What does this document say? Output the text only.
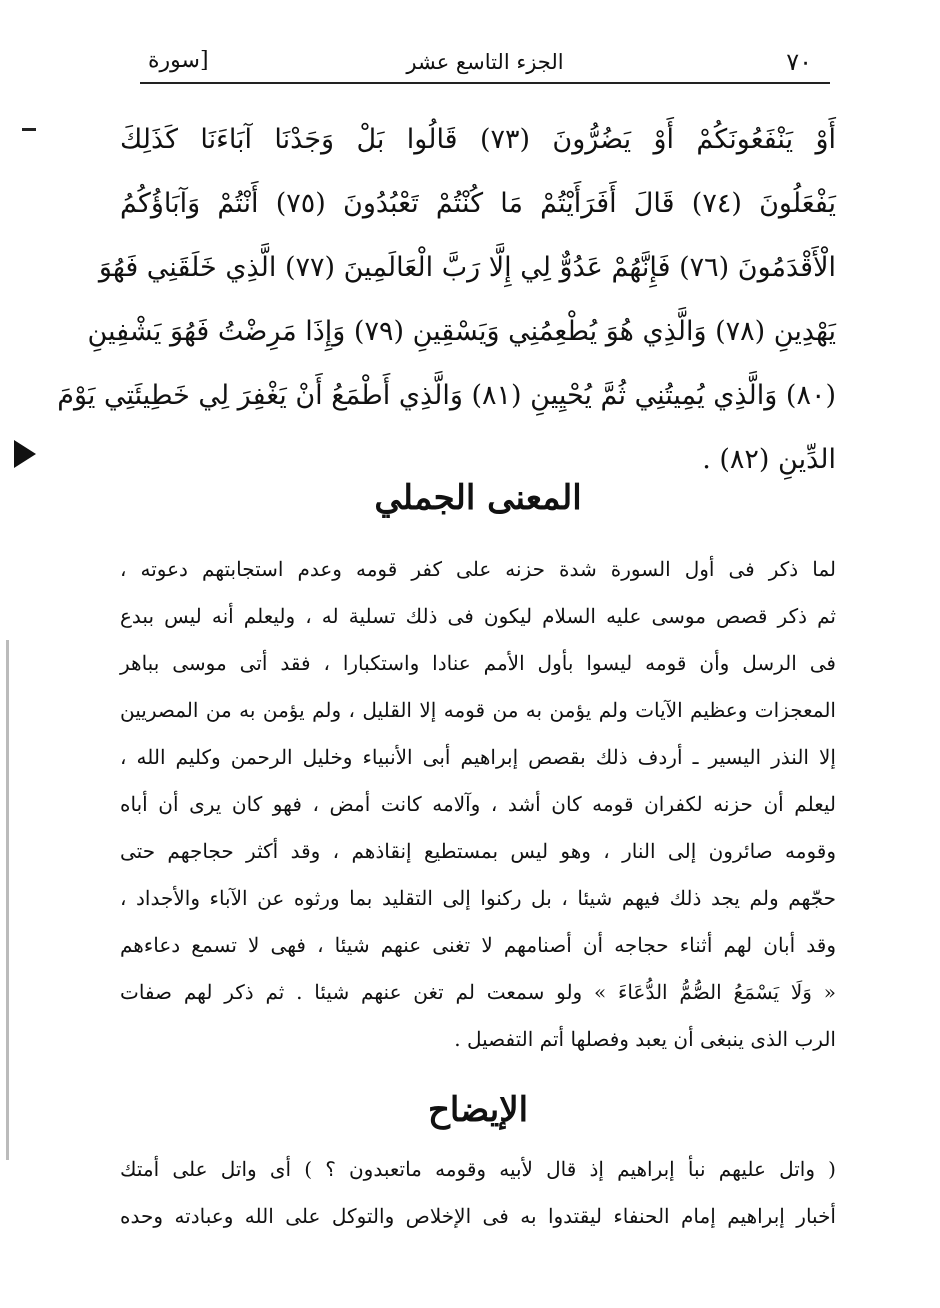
٧٠
الجزء التاسع عشر
[سورة
أَوْ يَنْفَعُونَكُمْ أَوْ يَضُرُّونَ (٧٣) قَالُوا بَلْ وَجَدْنَا آبَاءَنَا كَذَلِكَ
يَفْعَلُونَ (٧٤) قَالَ أَفَرَأَيْتُمْ مَا كُنْتُمْ تَعْبُدُونَ (٧٥) أَنْتُمْ وَآبَاؤُكُمُ
الْأَقْدَمُونَ (٧٦) فَإِنَّهُمْ عَدُوٌّ لِي إِلَّا رَبَّ الْعَالَمِينَ (٧٧) الَّذِي خَلَقَنِي فَهُوَ
يَهْدِينِ (٧٨) وَالَّذِي هُوَ يُطْعِمُنِي وَيَسْقِينِ (٧٩) وَإِذَا مَرِضْتُ فَهُوَ يَشْفِينِ
(٨٠) وَالَّذِي يُمِيتُنِي ثُمَّ يُحْيِينِ (٨١) وَالَّذِي أَطْمَعُ أَنْ يَغْفِرَ لِي خَطِيئَتِي يَوْمَ
الدِّينِ (٨٢) .
المعنى الجملي
لما ذكر فى أول السورة شدة حزنه على كفر قومه وعدم استجابتهم دعوته ،
ثم ذكر قصص موسى عليه السلام ليكون فى ذلك تسلية له ، وليعلم أنه ليس ببدع
فى الرسل وأن قومه ليسوا بأول الأمم عنادا واستكبارا ، فقد أتى موسى بباهر
المعجزات وعظيم الآيات ولم يؤمن به من قومه إلا القليل ، ولم يؤمن به من المصريين
إلا النذر اليسير ـ أردف ذلك بقصص إبراهيم أبى الأنبياء وخليل الرحمن وكليم الله ،
ليعلم أن حزنه لكفران قومه كان أشد ، وآلامه كانت أمض ، فهو كان يرى أن أباه
وقومه صائرون إلى النار ، وهو ليس بمستطيع إنقاذهم ، وقد أكثر حجاجهم حتى
حجّهم ولم يجد ذلك فيهم شيئا ، بل ركنوا إلى التقليد بما ورثوه عن الآباء والأجداد ،
وقد أبان لهم أثناء حجاجه أن أصنامهم لا تغنى عنهم شيئا ، فهى لا تسمع دعاءهم
« وَلَا يَسْمَعُ الصُّمُّ الدُّعَاءَ » ولو سمعت لم تغن عنهم شيئا . ثم ذكر لهم صفات
الرب الذى ينبغى أن يعبد وفصلها أتم التفصيل .
الإيضاح
( واتل عليهم نبأ إبراهيم إذ قال لأبيه وقومه ماتعبدون ؟ ) أى واتل على أمتك
أخبار إبراهيم إمام الحنفاء ليقتدوا به فى الإخلاص والتوكل على الله وعبادته وحده
